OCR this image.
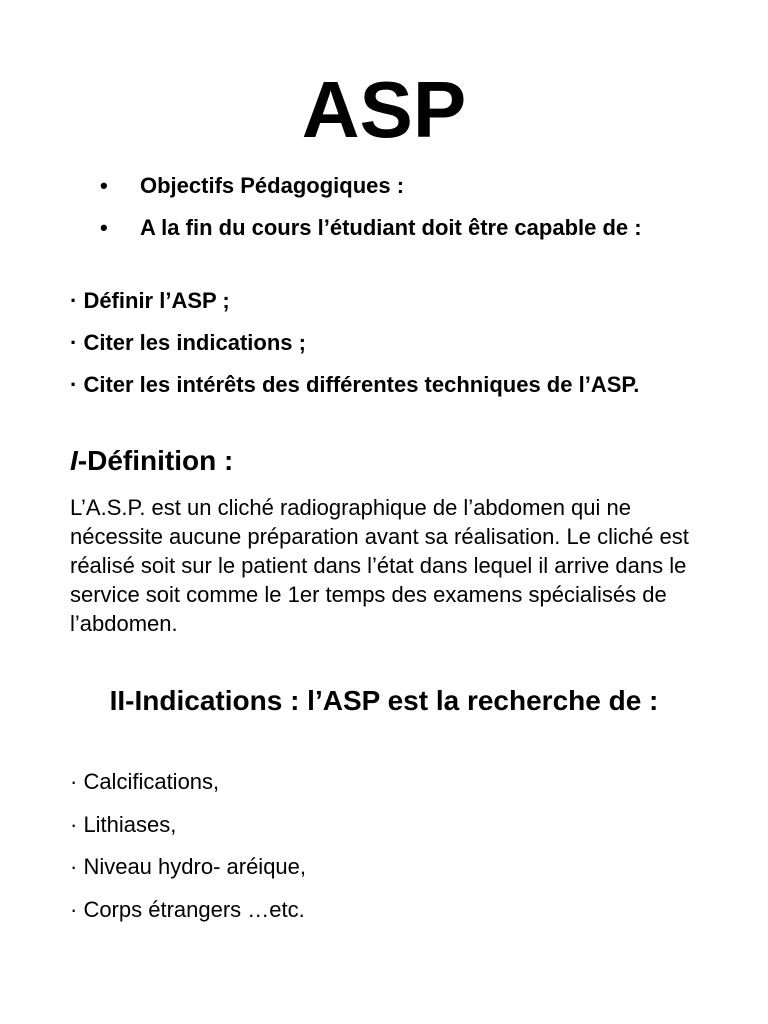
ASP
• Objectifs Pédagogiques :
• A la fin du cours l’étudiant doit être capable de :

· Définir l’ASP ;

· Citer les indications ;

· Citer les intérêts des différentes techniques de l’ASP.

I-Définition :

L’A.S.P. est un cliché radiographique de l’abdomen qui ne nécessite aucune préparation avant sa réalisation. Le cliché est réalisé soit sur le patient dans l’état dans lequel il arrive dans le service soit comme le 1er temps des examens spécialisés de l’abdomen.

II-Indications : l’ASP est la recherche de :

· Calcifications,

· Lithiases,

· Niveau hydro- aréique,

· Corps étrangers …etc.
